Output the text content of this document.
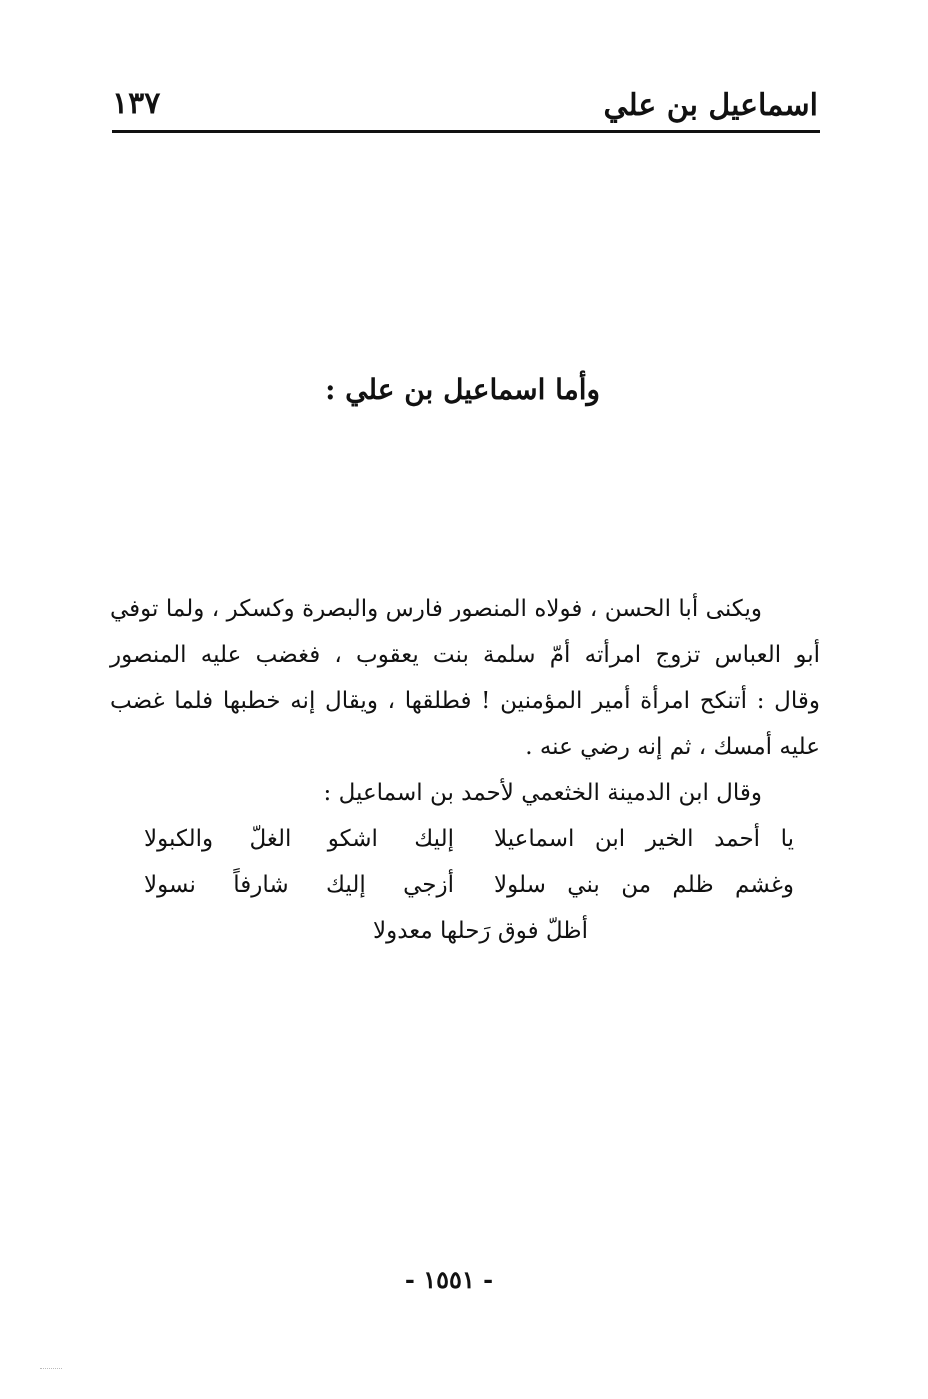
اسماعيل بن علي
١٣٧
وأما اسماعيل بن علي :
ويكنى أبا الحسن ، فولاه المنصور فارس والبصرة وكسكر ، ولما توفي
أبو العباس تزوج امرأته أمّ سلمة بنت يعقوب ، فغضب عليه المنصور
وقال : أتنكح امرأة أمير المؤمنين ! فطلقها ، ويقال إنه خطبها فلما غضب
عليه أمسك ، ثم إنه رضي عنه .
وقال ابن الدمينة الخثعمي لأحمد بن اسماعيل :
يا أحمد الخير ابن اسماعيلا
إليك اشكو الغلّ والكبولا
وغشم ظلم من بني سلولا
أزجي إليك شارفاً نسولا
أظلّ فوق رَحلها معدولا
- ١٥٥١ -
